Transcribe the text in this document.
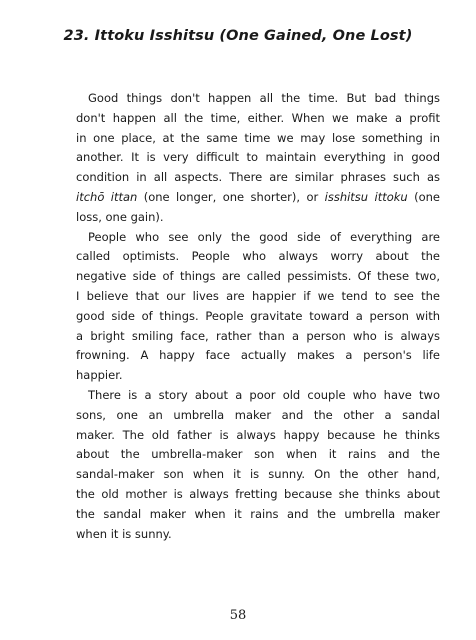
23. Ittoku Isshitsu (One Gained, One Lost)
Good things don't happen all the time. But bad things
don't happen all the time, either. When we make a profit
in one place, at the same time we may lose something in
another. It is very difficult to maintain everything in good
condition in all aspects. There are similar phrases such as
itchō ittan (one longer, one shorter), or isshitsu ittoku (one
loss, one gain).
People who see only the good side of everything are
called optimists. People who always worry about the
negative side of things are called pessimists. Of these two,
I believe that our lives are happier if we tend to see the
good side of things. People gravitate toward a person with
a bright smiling face, rather than a person who is always
frowning. A happy face actually makes a person's life
happier.
There is a story about a poor old couple who have two
sons, one an umbrella maker and the other a sandal
maker. The old father is always happy because he thinks
about the umbrella-maker son when it rains and the
sandal-maker son when it is sunny. On the other hand,
the old mother is always fretting because she thinks about
the sandal maker when it rains and the umbrella maker
when it is sunny.
58
